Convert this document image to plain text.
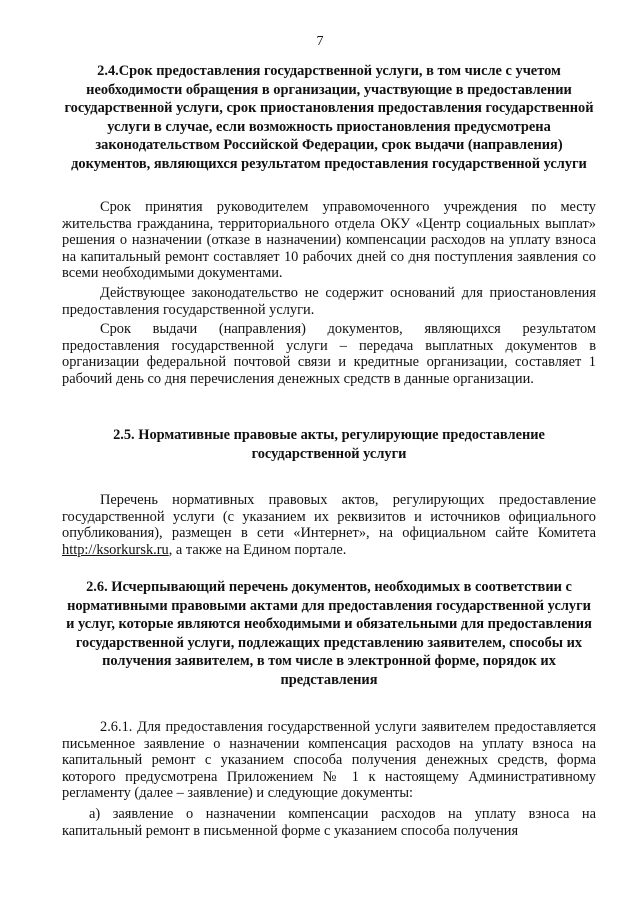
7
2.4.Срок предоставления государственной услуги, в том числе с учетом необходимости обращения в организации, участвующие в предоставлении государственной услуги, срок приостановления предоставления государственной услуги в случае, если возможность приостановления предусмотрена законодательством Российской Федерации, срок выдачи (направления) документов, являющихся результатом предоставления государственной услуги
Срок принятия руководителем управомоченного учреждения по месту жительства гражданина, территориального отдела ОКУ «Центр социальных выплат» решения о назначении (отказе в назначении) компенсации расходов на уплату взноса на капитальный ремонт составляет 10 рабочих дней со дня поступления заявления со всеми необходимыми документами.
Действующее законодательство не содержит оснований для приостановления предоставления государственной услуги.
Срок выдачи (направления) документов, являющихся результатом предоставления государственной услуги – передача выплатных документов в организации федеральной почтовой связи и кредитные организации, составляет 1 рабочий день со дня перечисления денежных средств в данные организации.
2.5. Нормативные правовые акты, регулирующие предоставление государственной услуги
Перечень нормативных правовых актов, регулирующих предоставление государственной услуги (с указанием их реквизитов и источников официального опубликования), размещен в сети «Интернет», на официальном сайте Комитета http://ksorkursk.ru, а также на Едином портале.
2.6. Исчерпывающий перечень документов, необходимых в соответствии с нормативными правовыми актами для предоставления государственной услуги и услуг, которые являются необходимыми и обязательными для предоставления государственной услуги, подлежащих представлению заявителем, способы их получения заявителем, в том числе в электронной форме, порядок их представления
2.6.1. Для предоставления государственной услуги заявителем предоставляется письменное заявление о назначении компенсация расходов на уплату взноса на капитальный ремонт с указанием способа получения денежных средств, форма которого предусмотрена Приложением № 1 к настоящему Административному регламенту (далее – заявление) и следующие документы:
а) заявление о назначении компенсации расходов на уплату взноса на капитальный ремонт в письменной форме с указанием способа получения
